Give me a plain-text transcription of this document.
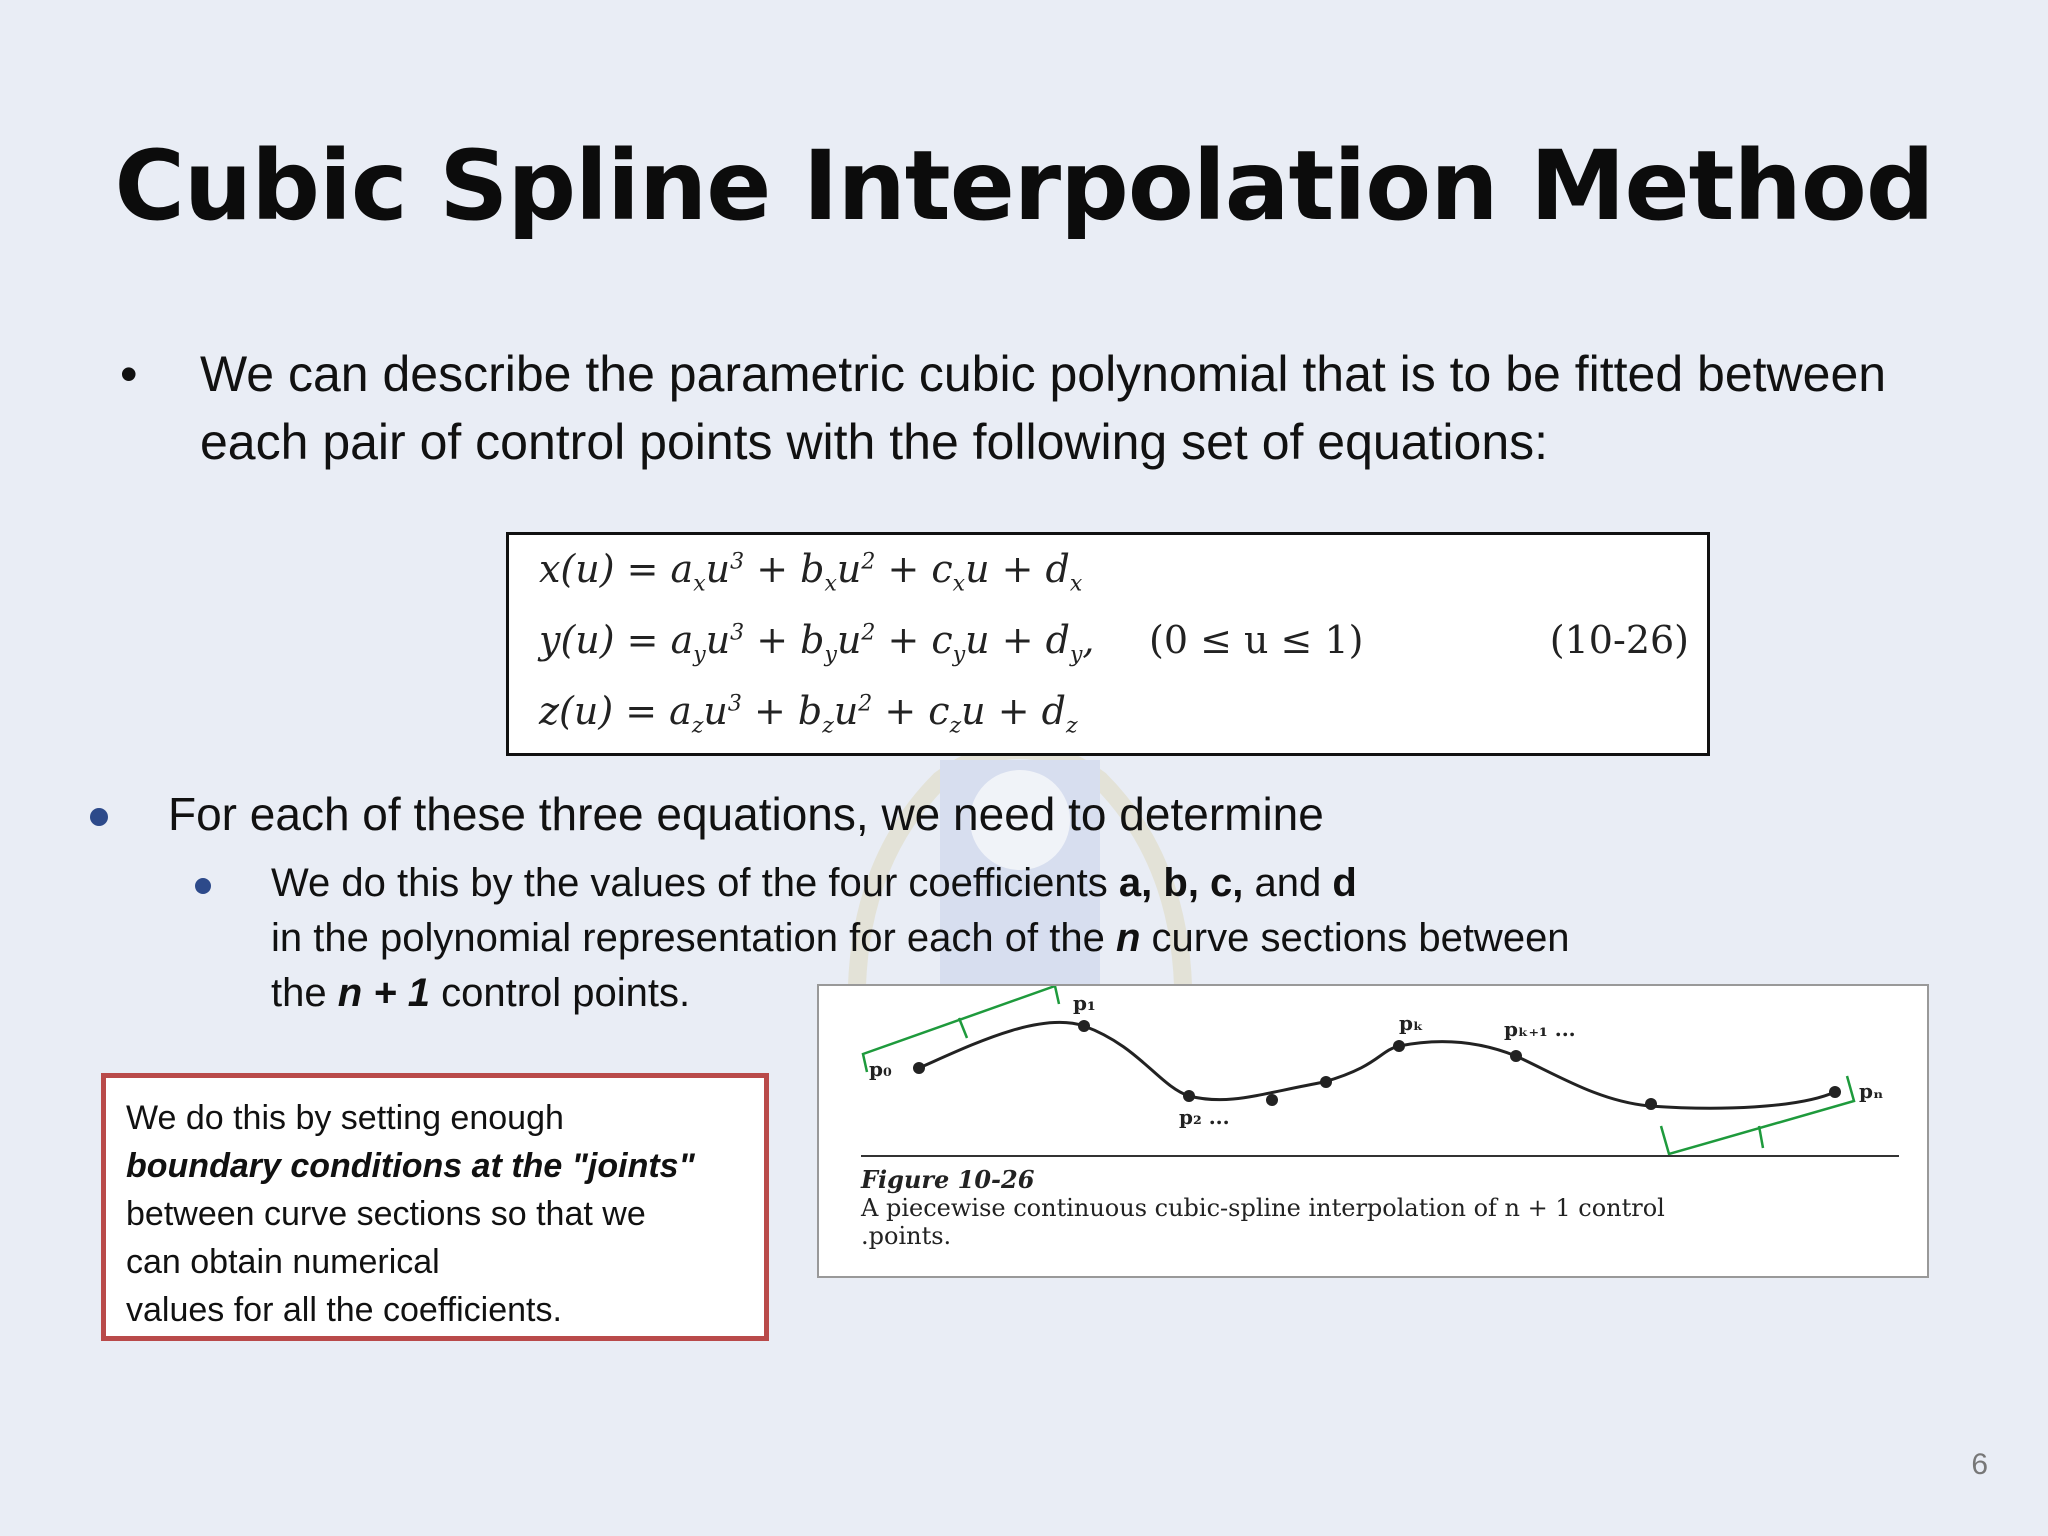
Cubic Spline Interpolation Method
•	We can describe the parametric cubic polynomial that is to be fitted between each pair of control points with the following set of equations:
$x(u) = a_xu^3 + b_xu^2 + c_xu + d_x$
$y(u) = a_yu^3 + b_yu^2 + c_yu + d_y$,
$z(u) = a_zu^3 + b_zu^2 + c_zu + d_z$
(0 ≤ u ≤ 1)	(10-26)
For each of these three equations, we need to determine
We do this by the values of the four coefficients a, b, c, and d
in the polynomial representation for each of the n curve sections between
the n + 1 control points.
We do this by setting enough
boundary conditions at the "joints"
between curve sections so that we
can obtain numerical
values for all the coefficients.
p₀
p₁
p₂ ...
pₖ	pₖ₊₁ ...
pₙ
Figure 10-26
A piecewise continuous cubic-spline interpolation of n + 1 control
.points.
6
